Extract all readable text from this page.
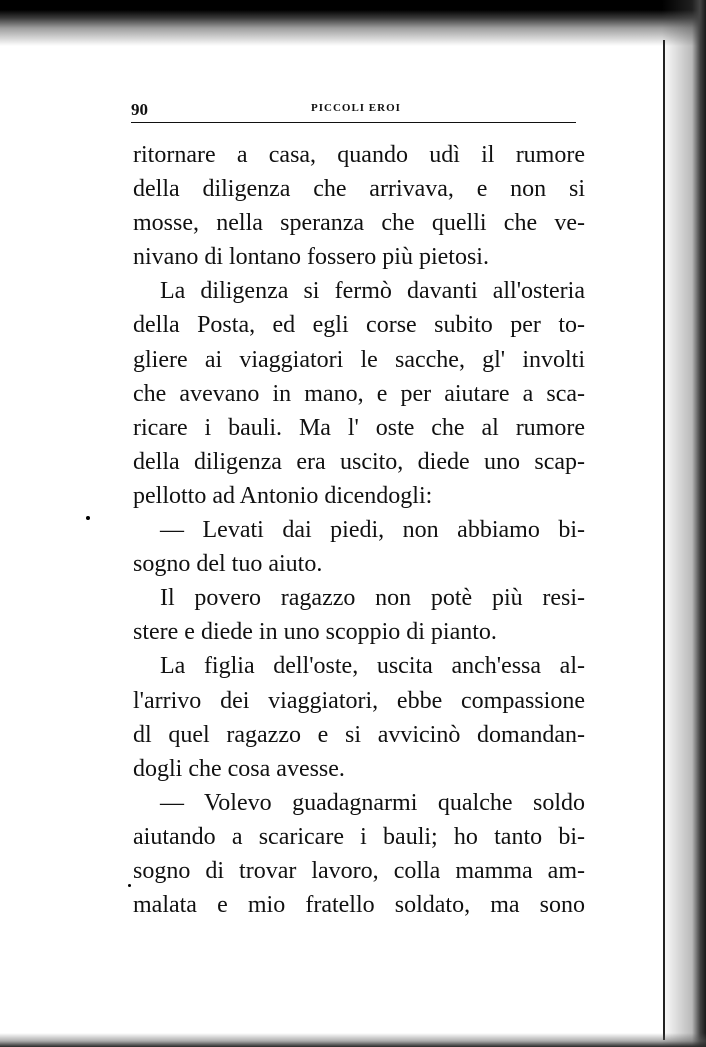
90	PICCOLI EROI
ritornare a casa, quando udì il rumore
della diligenza che arrivava, e non si
mosse, nella speranza che quelli che ve-
nivano di lontano fossero più pietosi.
La diligenza si fermò davanti all'osteria
della Posta, ed egli corse subito per to-
gliere ai viaggiatori le sacche, gl' involti
che avevano in mano, e per aiutare a sca-
ricare i bauli. Ma l' oste che al rumore
della diligenza era uscito, diede uno scap-
pellotto ad Antonio dicendogli:
— Levati dai piedi, non abbiamo bi-
sogno del tuo aiuto.
Il povero ragazzo non potè più resi-
stere e diede in uno scoppio di pianto.
La figlia dell'oste, uscita anch'essa al-
l'arrivo dei viaggiatori, ebbe compassione
dl quel ragazzo e si avvicinò domandan-
dogli che cosa avesse.
— Volevo guadagnarmi qualche soldo
aiutando a scaricare i bauli; ho tanto bi-
sogno di trovar lavoro, colla mamma am-
malata e mio fratello soldato, ma sono
